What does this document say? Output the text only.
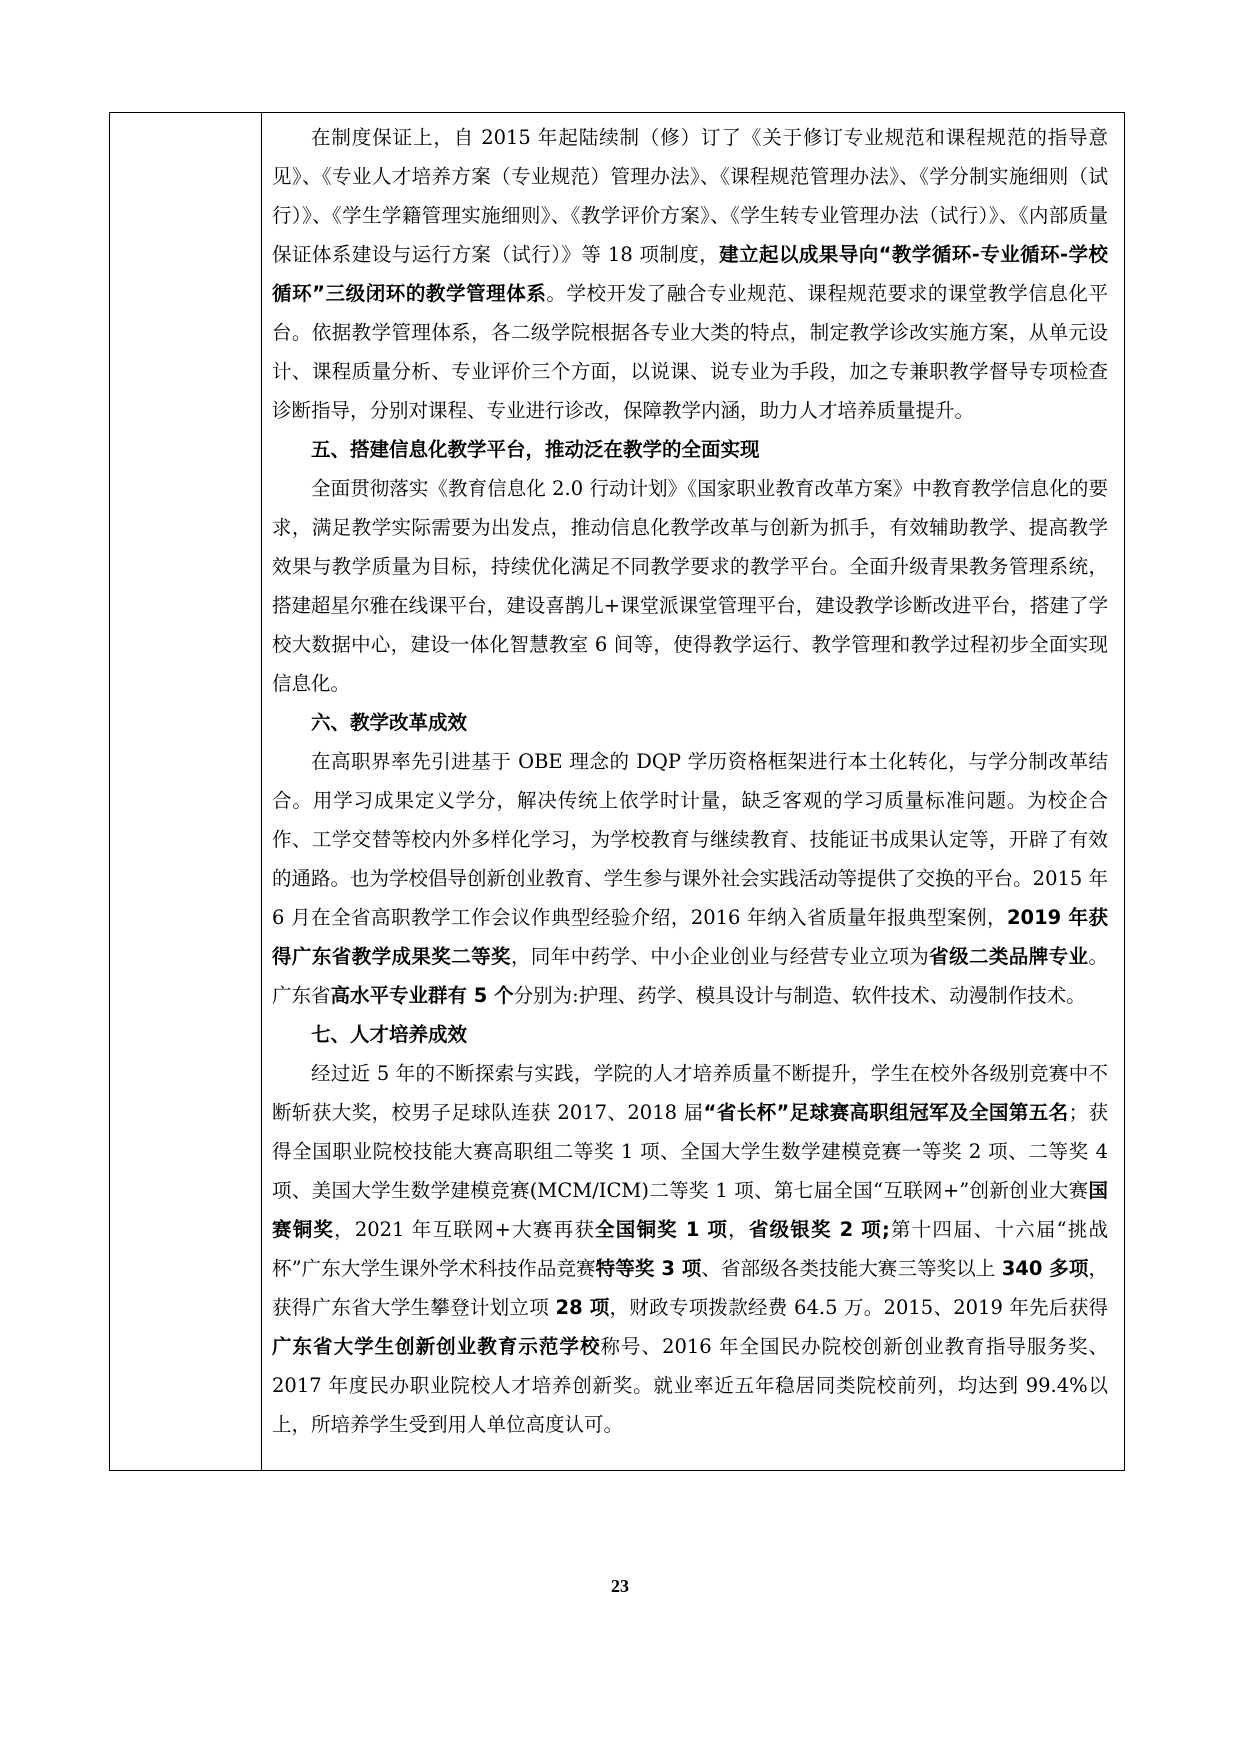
在制度保证上，自 2015 年起陆续制（修）订了《关于修订专业规范和课程规范的指导意见》、《专业人才培养方案（专业规范）管理办法》、《课程规范管理办法》、《学分制实施细则（试行）》、《学生学籍管理实施细则》、《教学评价方案》、《学生转专业管理办法（试行）》、《内部质量保证体系建设与运行方案（试行）》等 18 项制度，建立起以成果导向“教学循环-专业循环-学校循环”三级闭环的教学管理体系。学校开发了融合专业规范、课程规范要求的课堂教学信息化平台。依据教学管理体系，各二级学院根据各专业大类的特点，制定教学诊改实施方案，从单元设计、课程质量分析、专业评价三个方面，以说课、说专业为手段，加之专兼职教学督导专项检查诊断指导，分别对课程、专业进行诊改，保障教学内涵，助力人才培养质量提升。

五、搭建信息化教学平台，推动泛在教学的全面实现

全面贯彻落实《教育信息化 2.0 行动计划》《国家职业教育改革方案》中教育教学信息化的要求，满足教学实际需要为出发点，推动信息化教学改革与创新为抓手，有效辅助教学、提高教学效果与教学质量为目标，持续优化满足不同教学要求的教学平台。全面升级青果教务管理系统，搭建超星尔雅在线课平台，建设喜鹊儿+课堂派课堂管理平台，建设教学诊断改进平台，搭建了学校大数据中心，建设一体化智慧教室 6 间等，使得教学运行、教学管理和教学过程初步全面实现信息化。

六、教学改革成效

在高职界率先引进基于 OBE 理念的 DQP 学历资格框架进行本土化转化，与学分制改革结合。用学习成果定义学分，解决传统上依学时计量，缺乏客观的学习质量标准问题。为校企合作、工学交替等校内外多样化学习，为学校教育与继续教育、技能证书成果认定等，开辟了有效的通路。也为学校倡导创新创业教育、学生参与课外社会实践活动等提供了交换的平台。2015 年 6 月在全省高职教学工作会议作典型经验介绍，2016 年纳入省质量年报典型案例，2019 年获得广东省教学成果奖二等奖，同年中药学、中小企业创业与经营专业立项为省级二类品牌专业。广东省高水平专业群有 5 个分别为:护理、药学、模具设计与制造、软件技术、动漫制作技术。

七、人才培养成效

经过近 5 年的不断探索与实践，学院的人才培养质量不断提升，学生在校外各级别竞赛中不断斩获大奖，校男子足球队连获 2017、2018 届“省长杯”足球赛高职组冠军及全国第五名；获得全国职业院校技能大赛高职组二等奖 1 项、全国大学生数学建模竞赛一等奖 2 项、二等奖 4 项、美国大学生数学建模竞赛(MCM/ICM)二等奖 1 项、第七届全国“互联网+”创新创业大赛国赛铜奖，2021 年互联网+大赛再获全国铜奖 1 项，省级银奖 2 项;第十四届、十六届“挑战杯”广东大学生课外学术科技作品竞赛特等奖 3 项、省部级各类技能大赛三等奖以上 340 多项，获得广东省大学生攀登计划立项 28 项，财政专项拨款经费 64.5 万。2015、2019 年先后获得广东省大学生创新创业教育示范学校称号、2016 年全国民办院校创新创业教育指导服务奖、2017 年度民办职业院校人才培养创新奖。就业率近五年稳居同类院校前列，均达到 99.4%以上，所培养学生受到用人单位高度认可。

23
